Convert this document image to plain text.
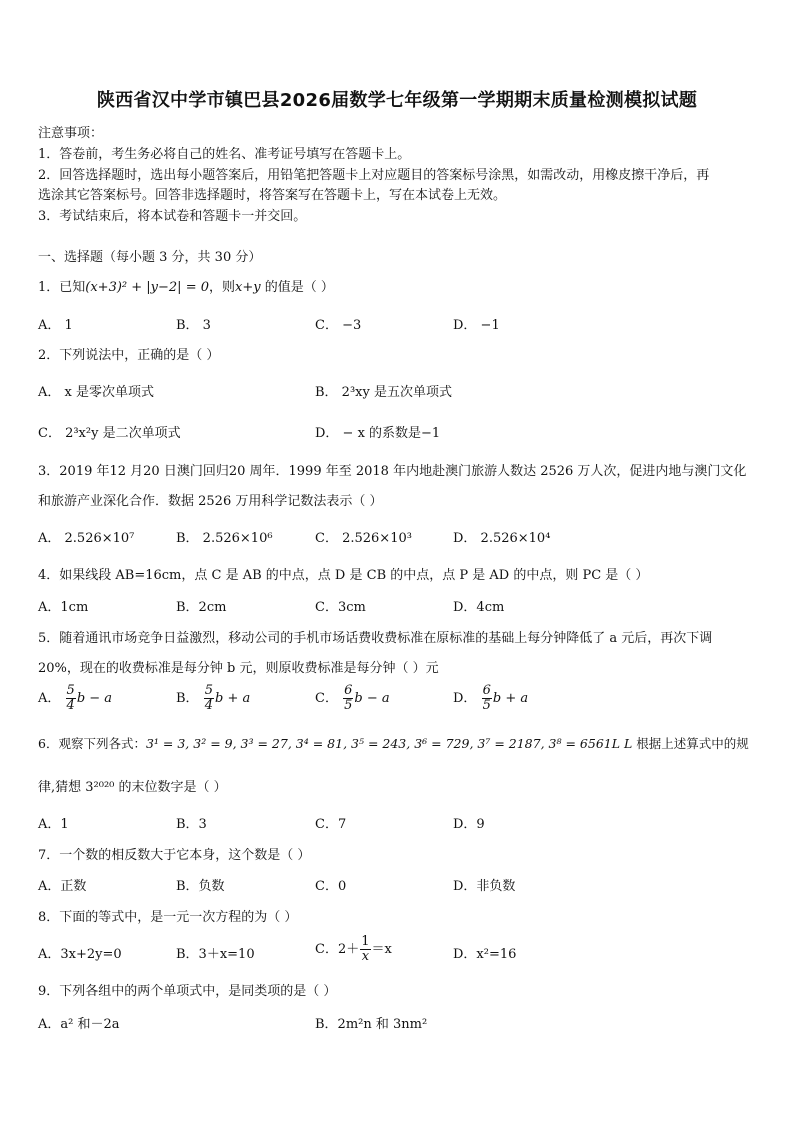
陕西省汉中学市镇巴县2026届数学七年级第一学期期末质量检测模拟试题
注意事项：
1．答卷前，考生务必将自己的姓名、准考证号填写在答题卡上。
2．回答选择题时，选出每小题答案后，用铅笔把答题卡上对应题目的答案标号涂黑，如需改动，用橡皮擦干净后，再
选涂其它答案标号。回答非选择题时，将答案写在答题卡上，写在本试卷上无效。
3．考试结束后，将本试卷和答题卡一并交回。
一、选择题（每小题 3 分，共 30 分）
1．已知(x+3)² + |y−2| = 0，则x+y 的值是（ ）
A． 1	B． 3	C． −3	D． −1
2．下列说法中，正确的是（ ）
A． x 是零次单项式	B． 2³xy 是五次单项式
C． 2³x²y 是二次单项式	D． − x 的系数是−1
3．2019 年12 月20 日澳门回归20 周年．1999 年至 2018 年内地赴澳门旅游人数达 2526 万人次，促进内地与澳门文化
和旅游产业深化合作．数据 2526 万用科学记数法表示（ ）
A． 2.526×10⁷	B． 2.526×10⁶	C． 2.526×10³	D． 2.526×10⁴
4．如果线段 AB=16cm，点 C 是 AB 的中点，点 D 是 CB 的中点，点 P 是 AD 的中点，则 PC 是（ ）
A．1cm	B．2cm	C．3cm	D．4cm
5．随着通讯市场竞争日益激烈，移动公司的手机市场话费收费标准在原标准的基础上每分钟降低了 a 元后，再次下调
20%，现在的收费标准是每分钟 b 元，则原收费标准是每分钟（ ）元
A． $\frac{5}{4}$ b − a	B． $\frac{5}{4}$ b + a	C． $\frac{6}{5}$ b − a	D． $\frac{6}{5}$ b + a
6．观察下列各式：3¹ = 3, 3² = 9, 3³ = 27, 3⁴ = 81, 3⁵ = 243, 3⁶ = 729, 3⁷ = 2187, 3⁸ = 6561L L 根据上述算式中的规
律,猜想 3²⁰²⁰ 的末位数字是（ ）
A．1	B．3	C．7	D．9
7．一个数的相反数大于它本身，这个数是（ ）
A．正数	B．负数	C．0	D．非负数
8．下面的等式中，是一元一次方程的为（ ）
A．3x+2y=0	B．3＋x=10	C．$2+ \frac{1}{x} =x$	D．x²=16
9．下列各组中的两个单项式中，是同类项的是（ ）
A．a² 和－2a	B．2m²n 和 3nm²
